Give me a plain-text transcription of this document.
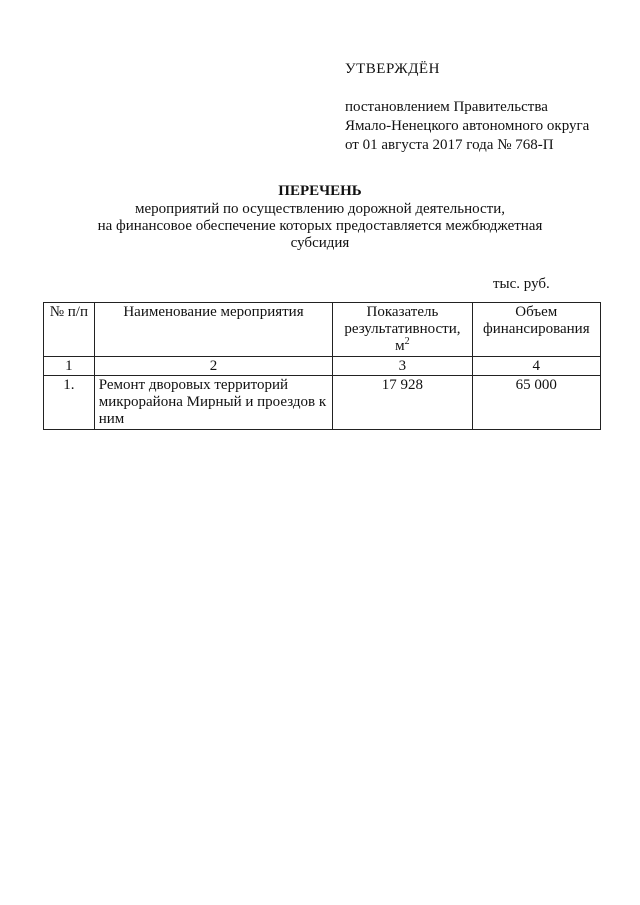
УТВЕРЖДЁН
постановлением Правительства
Ямало-Ненецкого автономного округа
от 01 августа 2017 года № 768-П
ПЕРЕЧЕНЬ
мероприятий по осуществлению дорожной деятельности,
на финансовое обеспечение которых предоставляется межбюджетная
субсидия
тыс. руб.
№ п/п	Наименование мероприятия	Показатель результативности, $м^2$	Объем финансирования
1	2	3	4
1.	Ремонт дворовых территорий микрорайона Мирный и проездов к ним	17 928	65 000
